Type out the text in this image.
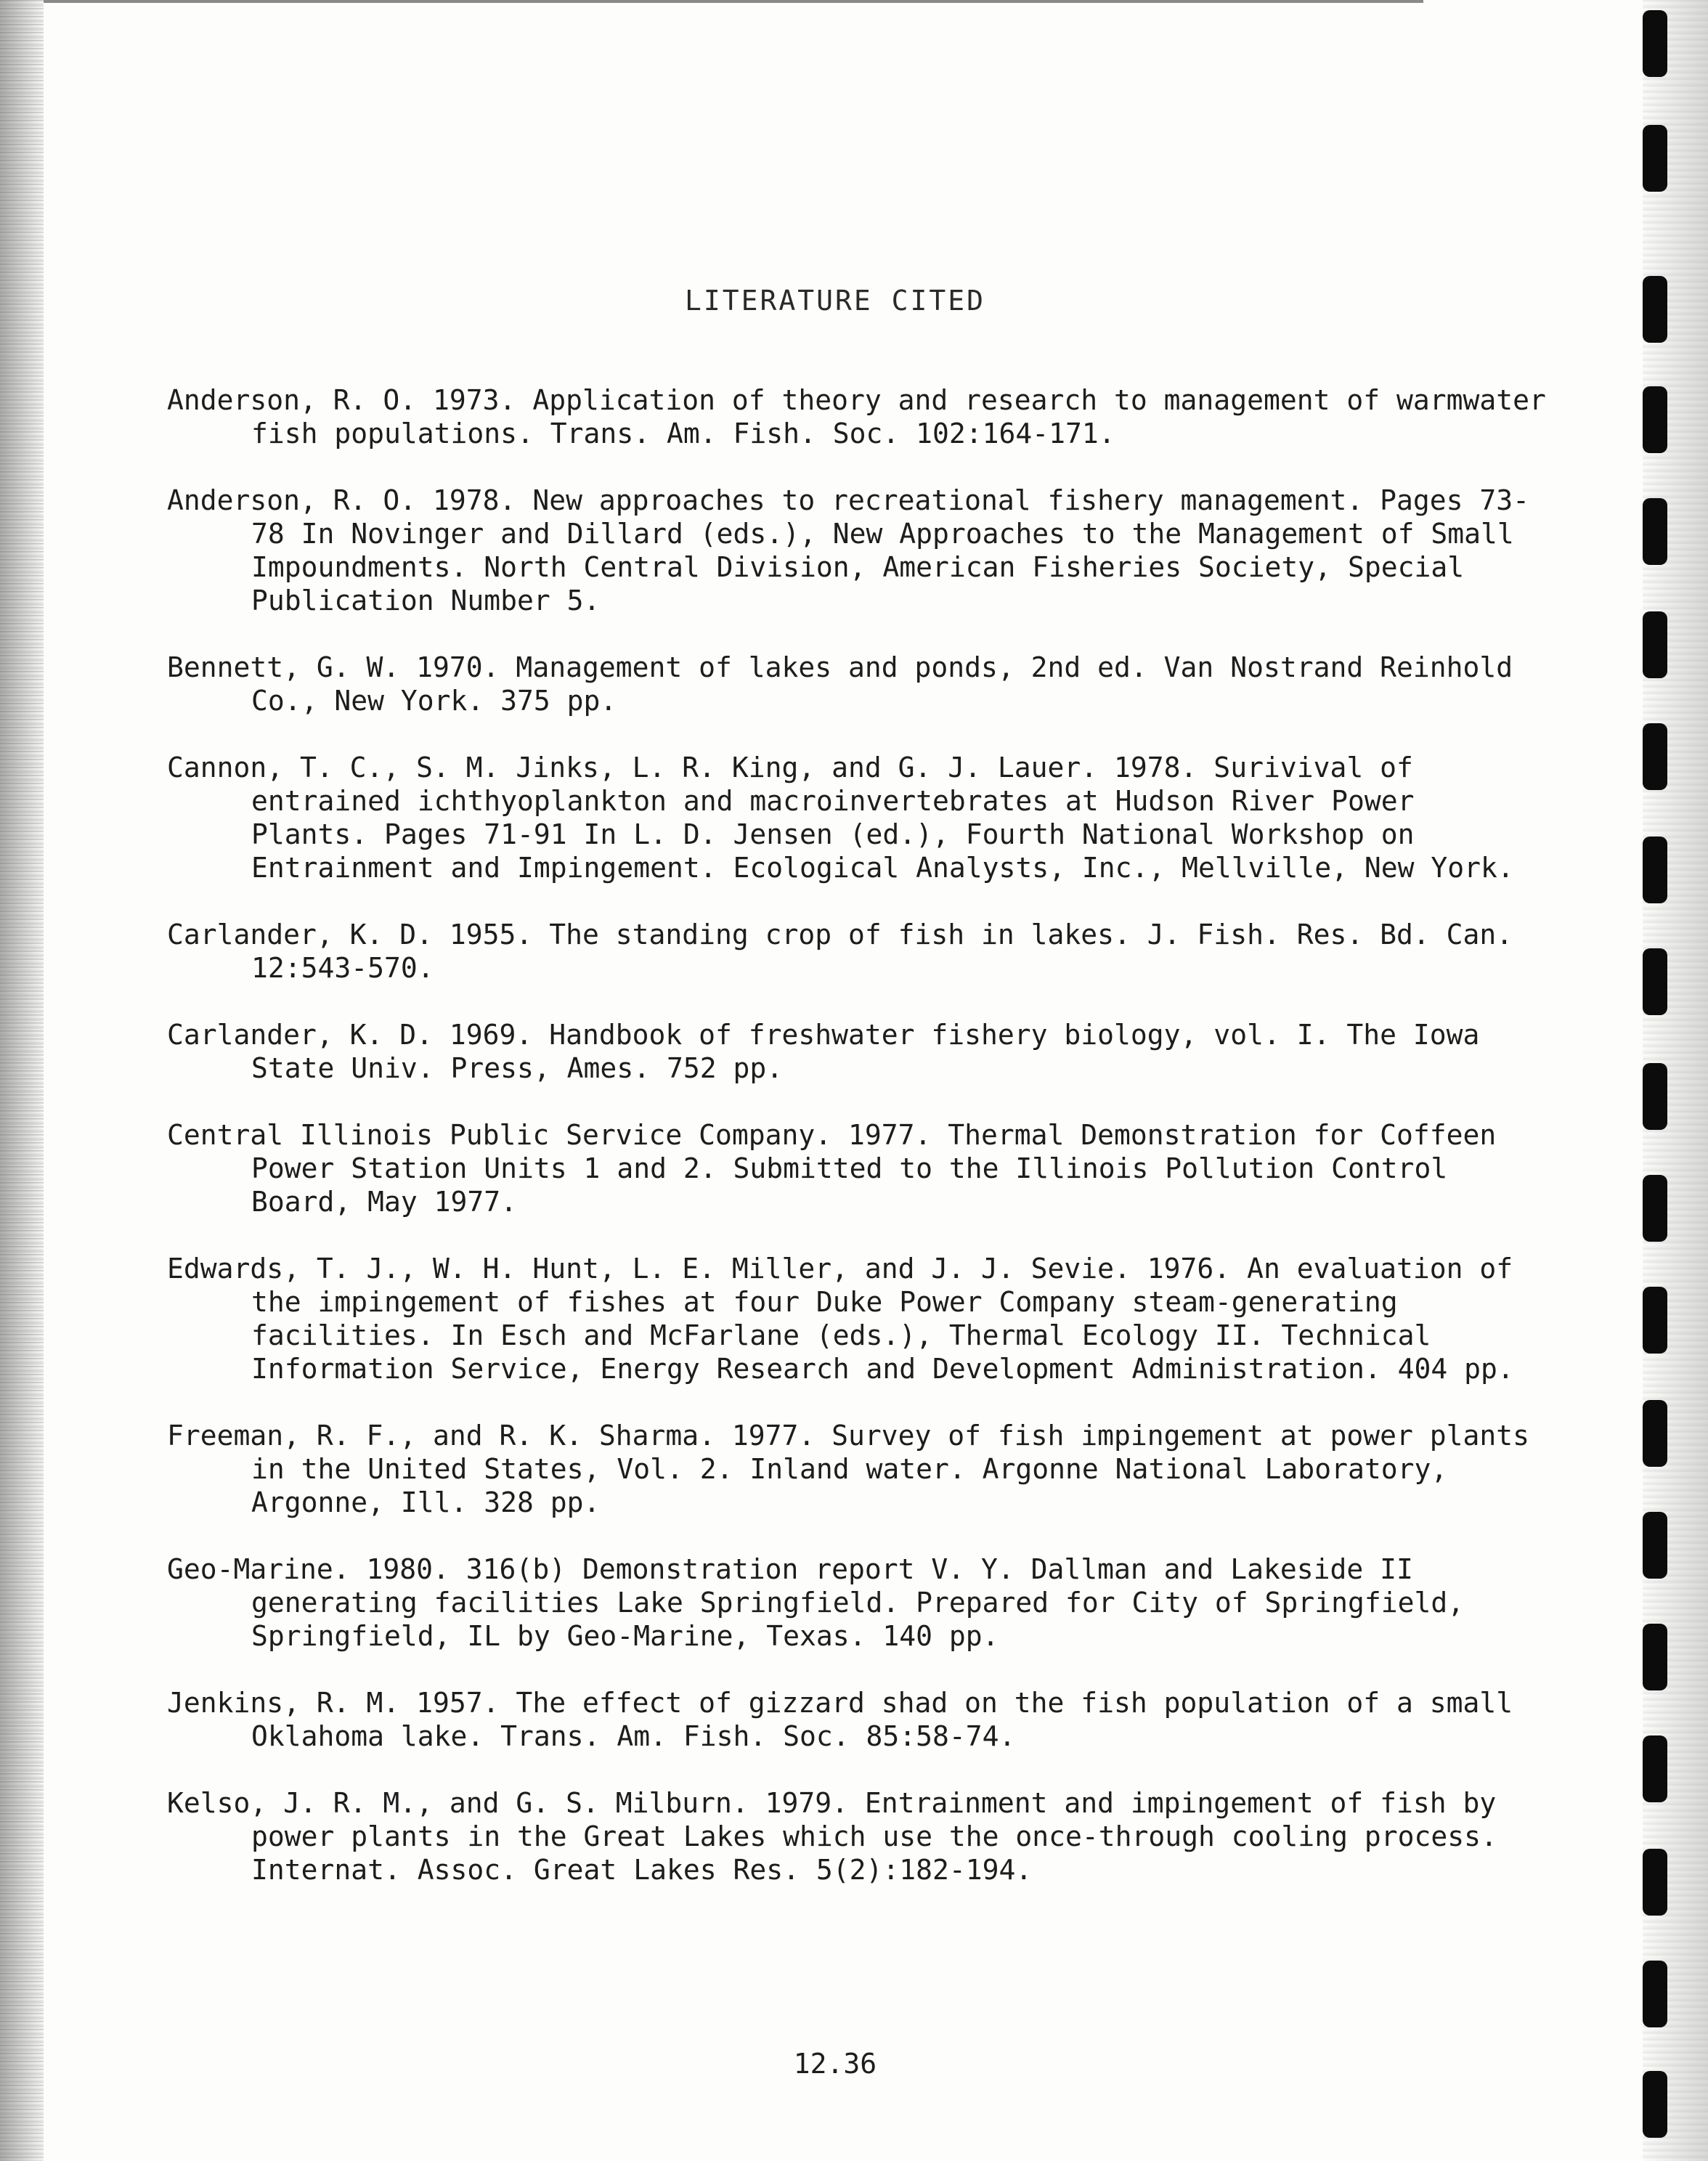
LITERATURE CITED

Anderson, R. O. 1973. Application of theory and research to management of warmwater fish populations. Trans. Am. Fish. Soc. 102:164-171.

Anderson, R. O. 1978. New approaches to recreational fishery management. Pages 73-78 In Novinger and Dillard (eds.), New Approaches to the Management of Small Impoundments. North Central Division, American Fisheries Society, Special Publication Number 5.

Bennett, G. W. 1970. Management of lakes and ponds, 2nd ed. Van Nostrand Reinhold Co., New York. 375 pp.

Cannon, T. C., S. M. Jinks, L. R. King, and G. J. Lauer. 1978. Surivival of entrained ichthyoplankton and macroinvertebrates at Hudson River Power Plants. Pages 71-91 In L. D. Jensen (ed.), Fourth National Workshop on Entrainment and Impingement. Ecological Analysts, Inc., Mellville, New York.

Carlander, K. D. 1955. The standing crop of fish in lakes. J. Fish. Res. Bd. Can. 12:543-570.

Carlander, K. D. 1969. Handbook of freshwater fishery biology, vol. I. The Iowa State Univ. Press, Ames. 752 pp.

Central Illinois Public Service Company. 1977. Thermal Demonstration for Coffeen Power Station Units 1 and 2. Submitted to the Illinois Pollution Control Board, May 1977.

Edwards, T. J., W. H. Hunt, L. E. Miller, and J. J. Sevie. 1976. An evaluation of the impingement of fishes at four Duke Power Company steam-generating facilities. In Esch and McFarlane (eds.), Thermal Ecology II. Technical Information Service, Energy Research and Development Administration. 404 pp.

Freeman, R. F., and R. K. Sharma. 1977. Survey of fish impingement at power plants in the United States, Vol. 2. Inland water. Argonne National Laboratory, Argonne, Ill. 328 pp.

Geo-Marine. 1980. 316(b) Demonstration report V. Y. Dallman and Lakeside II generating facilities Lake Springfield. Prepared for City of Springfield, Springfield, IL by Geo-Marine, Texas. 140 pp.

Jenkins, R. M. 1957. The effect of gizzard shad on the fish population of a small Oklahoma lake. Trans. Am. Fish. Soc. 85:58-74.

Kelso, J. R. M., and G. S. Milburn. 1979. Entrainment and impingement of fish by power plants in the Great Lakes which use the once-through cooling process. Internat. Assoc. Great Lakes Res. 5(2):182-194.

12.36
